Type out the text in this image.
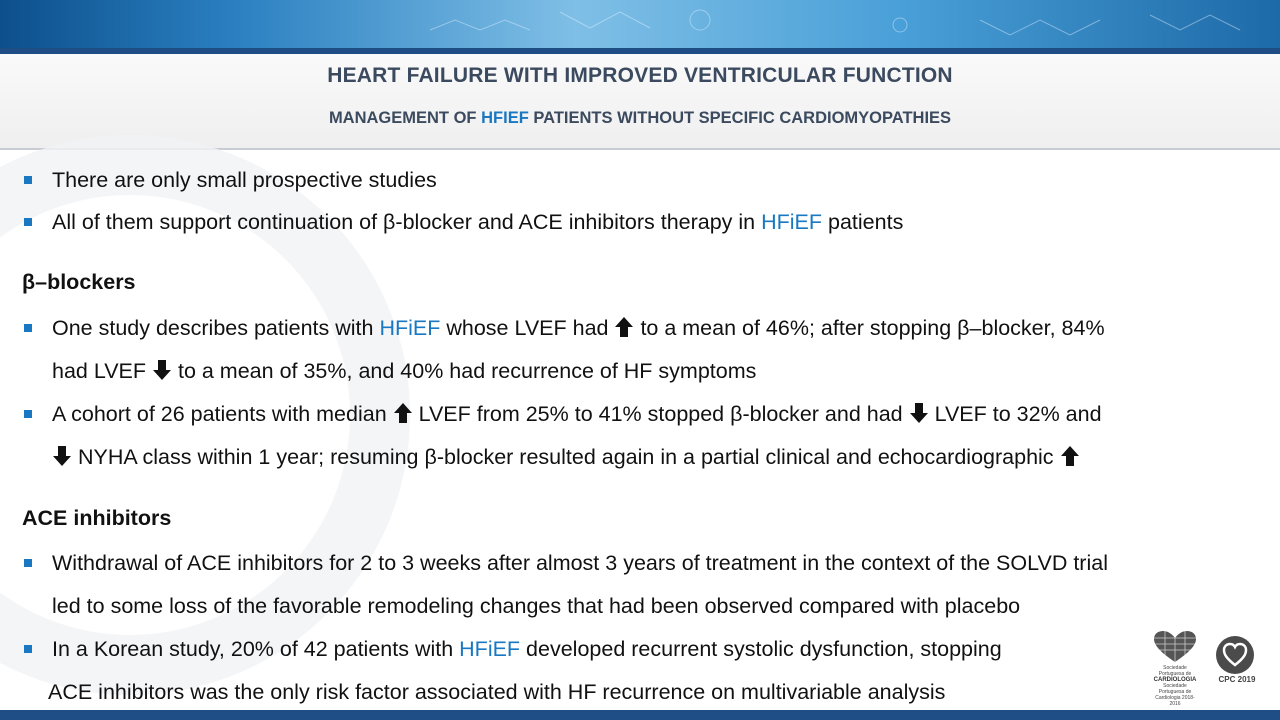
HEART FAILURE WITH IMPROVED VENTRICULAR FUNCTION
MANAGEMENT OF HFIEF PATIENTS WITHOUT SPECIFIC CARDIOMYOPATHIES
There are only small prospective studies
All of them support continuation of β-blocker and ACE inhibitors therapy in HFiEF patients
β–blockers
One study describes patients with HFiEF whose LVEF had  to a mean of 46%; after stopping β–blocker, 84%
had LVEF  to a mean of 35%, and 40% had recurrence of HF symptoms
A cohort of 26 patients with median  LVEF from 25% to 41% stopped β-blocker and had  LVEF to 32% and
NYHA class within 1 year; resuming β-blocker resulted again in a partial clinical and echocardiographic
ACE inhibitors
Withdrawal of ACE inhibitors for 2 to 3 weeks after almost 3 years of treatment in the context of the SOLVD trial
led to some loss of the favorable remodeling changes that had been observed compared with placebo
In a Korean study, 20% of 42 patients with HFiEF developed recurrent systolic dysfunction, stopping
ACE inhibitors was the only risk factor associated with HF recurrence on multivariable analysis
Sociedade Portuguesa de
CARDIOLOGIA
Sociedade Portuguesa de Cardiologia 2018-2016
CPC 2019
